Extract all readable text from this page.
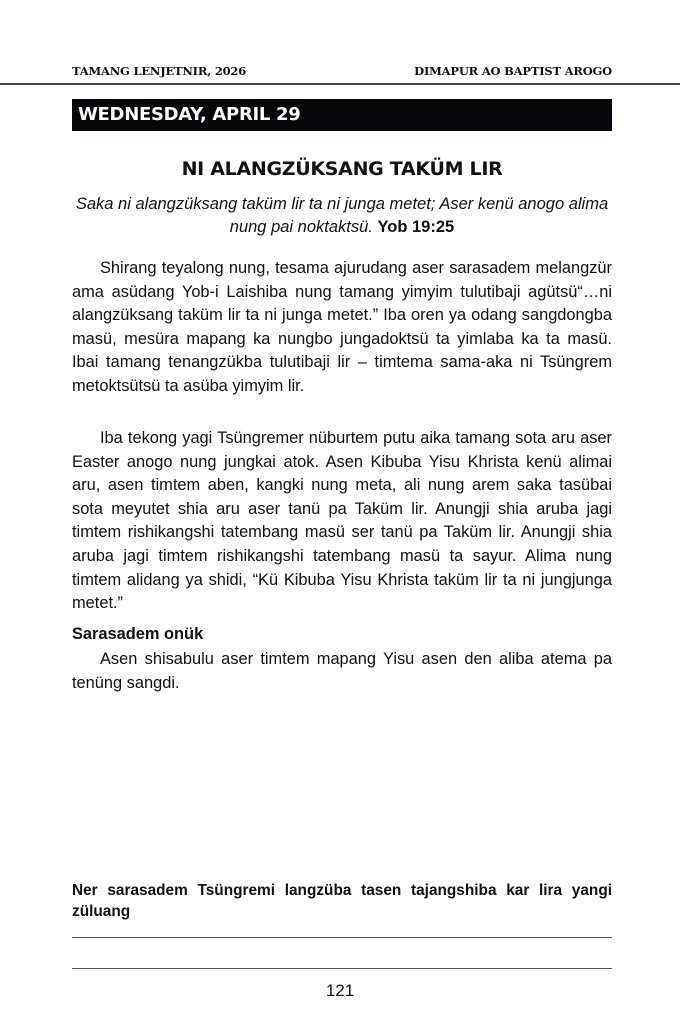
TAMANG LENJETNIR, 2026	DIMAPUR AO BAPTIST AROGO
WEDNESDAY, APRIL 29
NI ALANGZÜKSANG TAKÜM LIR
Saka ni alangzüksang taküm lir ta ni junga metet; Aser kenü anogo alima nung pai noktaktsü. Yob 19:25

Shirang teyalong nung, tesama ajurudang aser sarasadem melangzür ama asüdang Yob-i Laishiba nung tamang yimyim tulutibaji agütsü“…ni alangzüksang taküm lir ta ni junga metet.” Iba oren ya odang sangdongba masü, mesüra mapang ka nungbo jungadoktsü ta yimlaba ka ta masü. Ibai tamang tenangzükba tulutibaji lir – timtema sama-aka ni Tsüngrem metoktsütsü ta asüba yimyim lir.

Iba tekong yagi Tsüngremer nüburtem putu aika tamang sota aru aser Easter anogo nung jungkai atok. Asen Kibuba Yisu Khrista kenü alimai aru, asen timtem aben, kangki nung meta, ali nung arem saka tasübai sota meyutet shia aru aser tanü pa Taküm lir. Anungji shia aruba jagi timtem rishikangshi tatembang masü ser tanü pa Taküm lir. Anungji shia aruba jagi timtem rishikangshi tatembang masü ta sayur. Alima nung timtem alidang ya shidi, “Kü Kibuba Yisu Khrista taküm lir ta ni jungjunga metet.”

Sarasadem onük

Asen shisabulu aser timtem mapang Yisu asen den aliba atema pa tenüng sangdi.

Ner sarasadem Tsüngremi langzüba tasen tajangshiba kar lira yangi züluang
121
